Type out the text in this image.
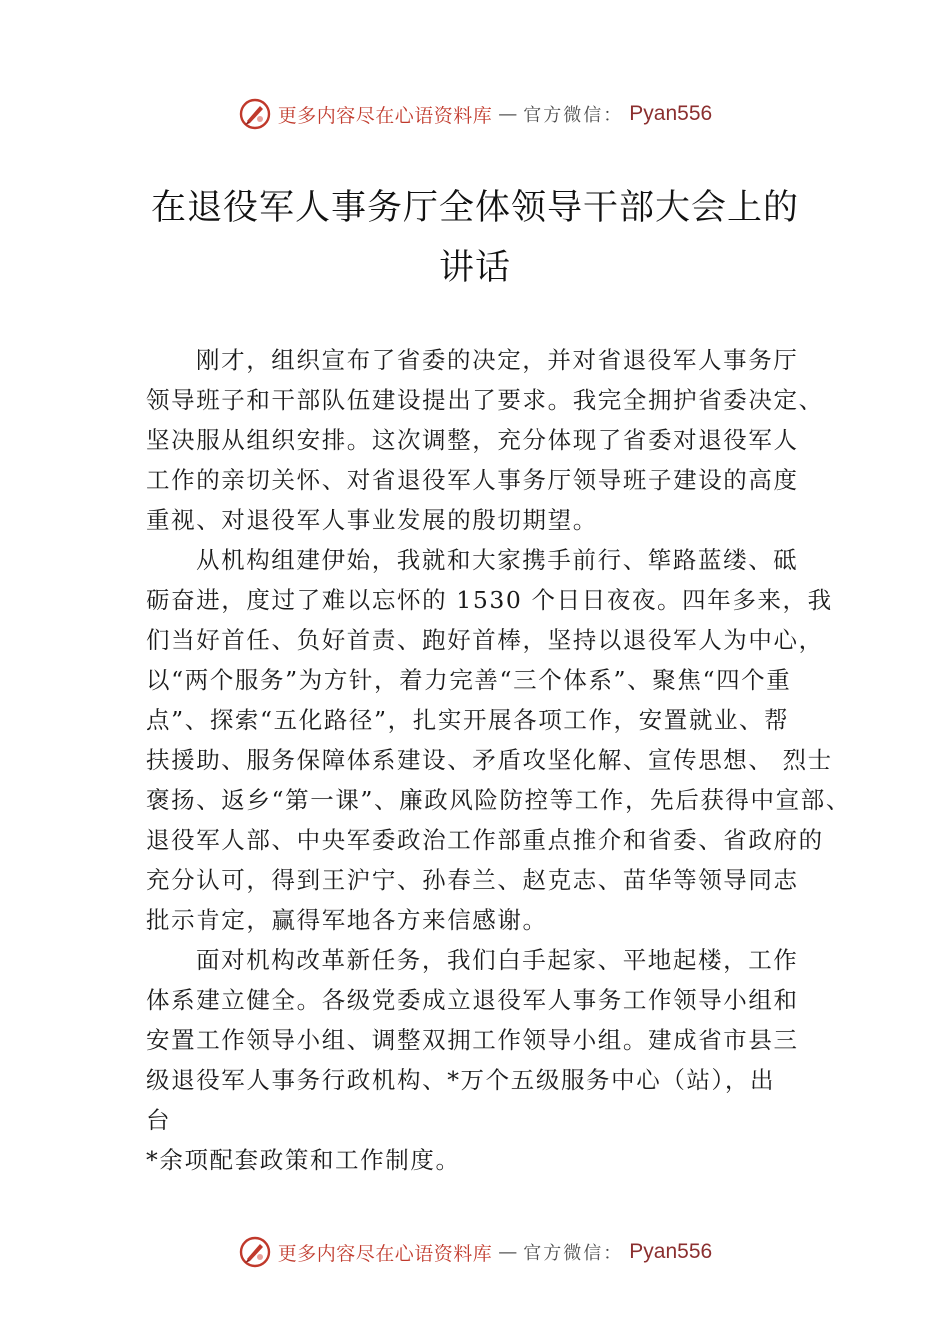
更多内容尽在心语资料库 — 官方微信： Pyan556
在退役军人事务厅全体领导干部大会上的
讲话
刚才，组织宣布了省委的决定，并对省退役军人事务厅
领导班子和干部队伍建设提出了要求。我完全拥护省委决定、
坚决服从组织安排。这次调整，充分体现了省委对退役军人
工作的亲切关怀、对省退役军人事务厅领导班子建设的高度
重视、对退役军人事业发展的殷切期望。
从机构组建伊始，我就和大家携手前行、筚路蓝缕、砥
砺奋进，度过了难以忘怀的 1530 个日日夜夜。四年多来，我
们当好首任、负好首责、跑好首棒，坚持以退役军人为中心，
以“两个服务”为方针，着力完善“三个体系”、聚焦“四个重
点”、探索“五化路径”，扎实开展各项工作，安置就业、帮
扶援助、服务保障体系建设、矛盾攻坚化解、宣传思想、 烈士
褒扬、返乡“第一课”、廉政风险防控等工作，先后获得中宣部、
退役军人部、中央军委政治工作部重点推介和省委、省政府的
充分认可，得到王沪宁、孙春兰、赵克志、苗华等领导同志
批示肯定，赢得军地各方来信感谢。
面对机构改革新任务，我们白手起家、平地起楼，工作
体系建立健全。各级党委成立退役军人事务工作领导小组和
安置工作领导小组、调整双拥工作领导小组。建成省市县三
级退役军人事务行政机构、*万个五级服务中心（站），出
台
*余项配套政策和工作制度。
更多内容尽在心语资料库 — 官方微信： Pyan556
